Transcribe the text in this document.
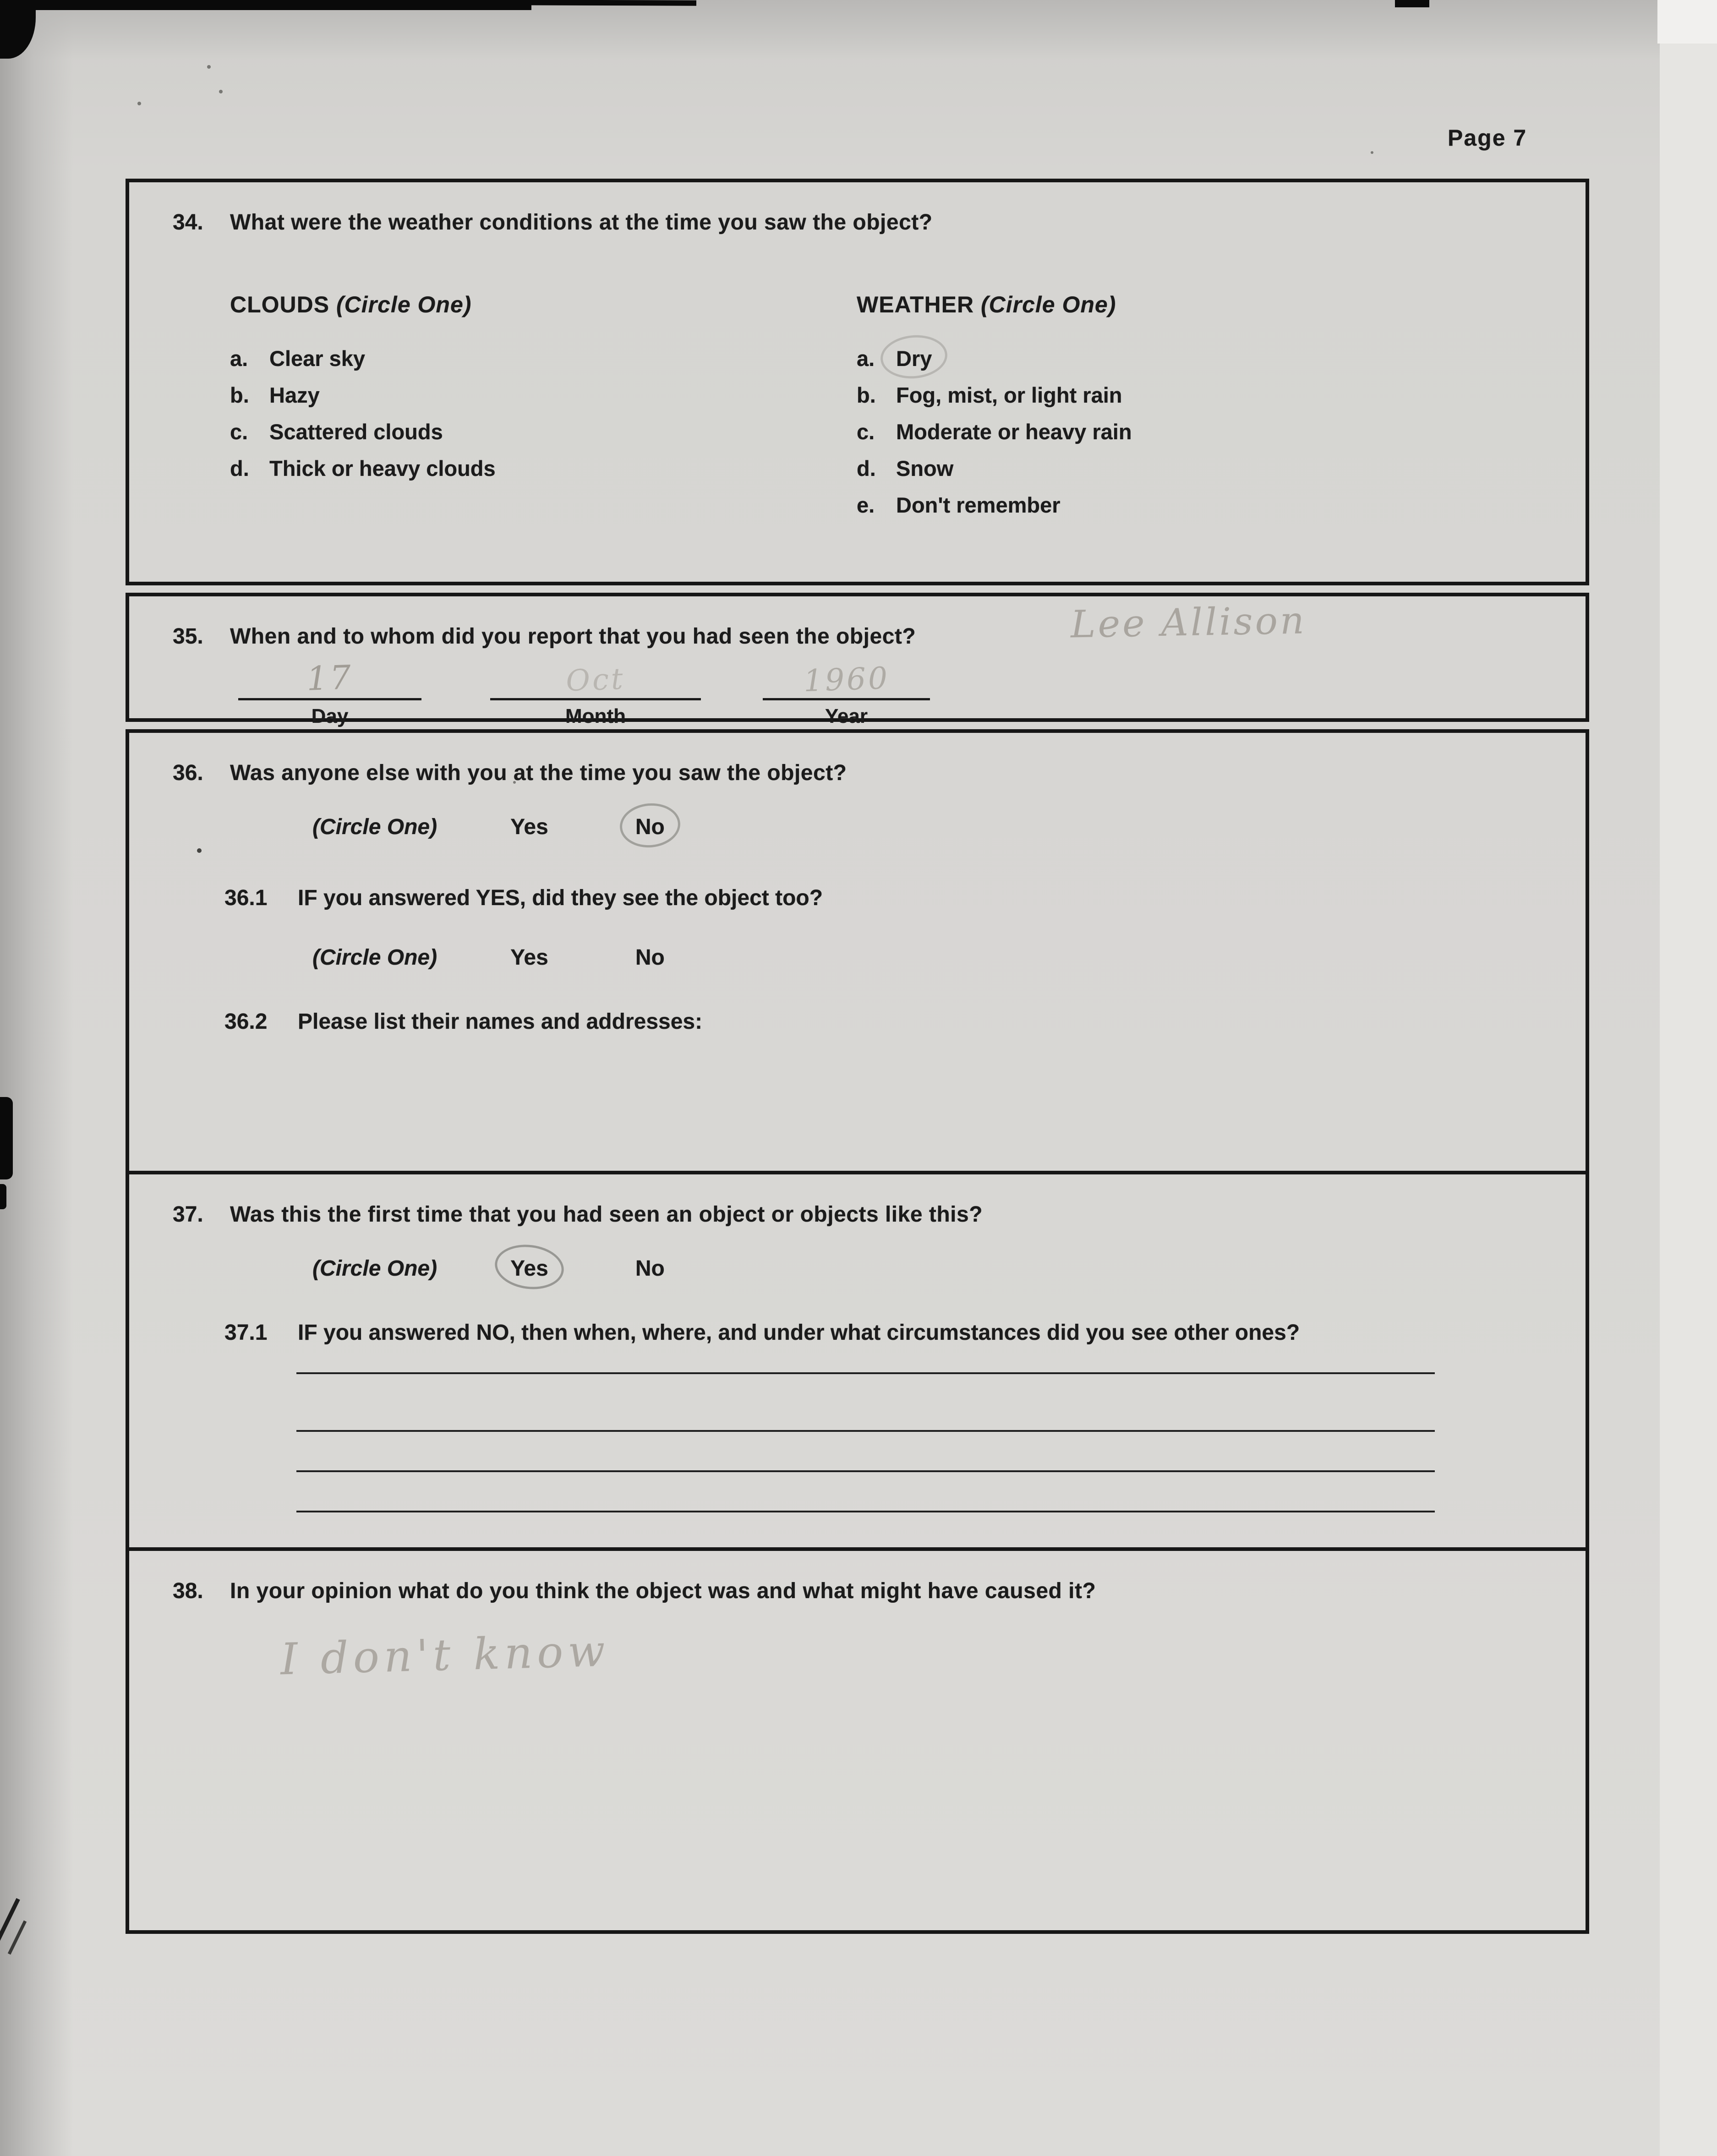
Page 7
34.	What were the weather conditions at the time you saw the object?
CLOUDS (Circle One)
a. Clear sky
b. Hazy
c. Scattered clouds
d. Thick or heavy clouds
WEATHER (Circle One)
a. Dry
b. Fog, mist, or light rain
c. Moderate or heavy rain
d. Snow
e. Don't remember
35.	When and to whom did you report that you had seen the object?	Lee Allison
17	Oct	1960
Day	Month	Year
36.	Was anyone else with you at the time you saw the object?
(Circle One)	Yes	No
36.1	IF you answered YES, did they see the object too?
(Circle One)	Yes	No
36.2	Please list their names and addresses:
37.	Was this the first time that you had seen an object or objects like this?
(Circle One)	Yes	No
37.1	IF you answered NO, then when, where, and under what circumstances did you see other ones?
38.	In your opinion what do you think the object was and what might have caused it?
I don't know
